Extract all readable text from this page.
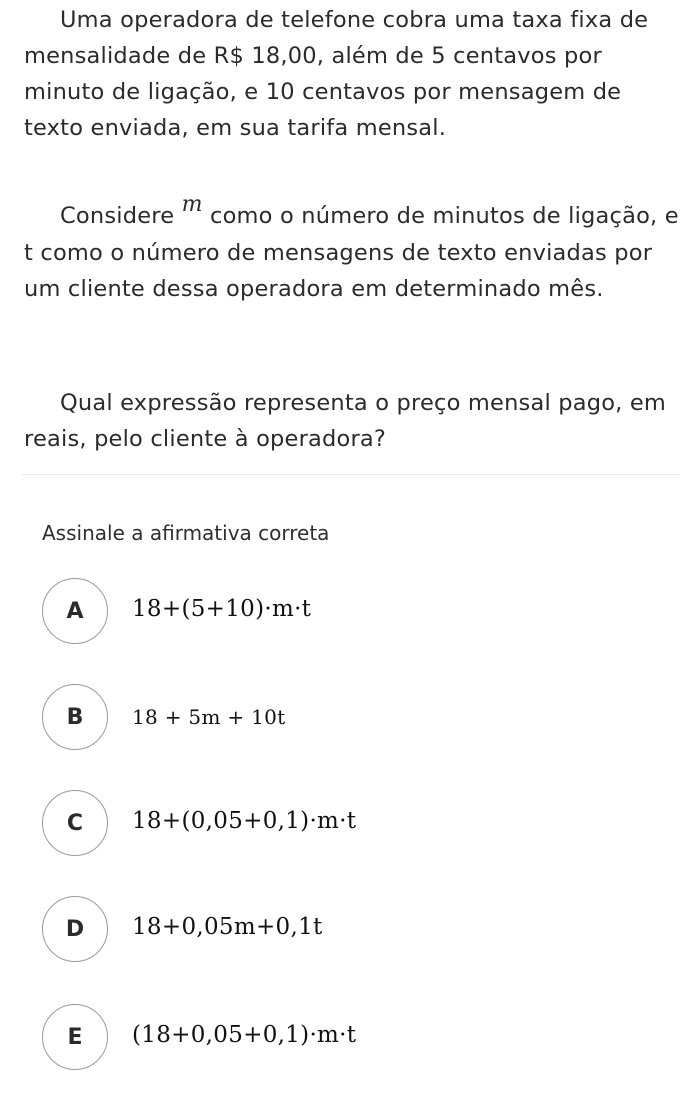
Uma operadora de telefone cobra uma taxa fixa de mensalidade de R$ 18,00, além de 5 centavos por minuto de ligação, e 10 centavos por mensagem de texto enviada, em sua tarifa mensal.

Considere m como o número de minutos de ligação, e t como o número de mensagens de texto enviadas por um cliente dessa operadora em determinado mês.

Qual expressão representa o preço mensal pago, em reais, pelo cliente à operadora?

Assinale a afirmativa correta
A	18+(5+10)·m·t
B	18 + 5m + 10t
C	18+(0,05+0,1)·m·t
D	18+0,05m+0,1t
E	(18+0,05+0,1)·m·t
